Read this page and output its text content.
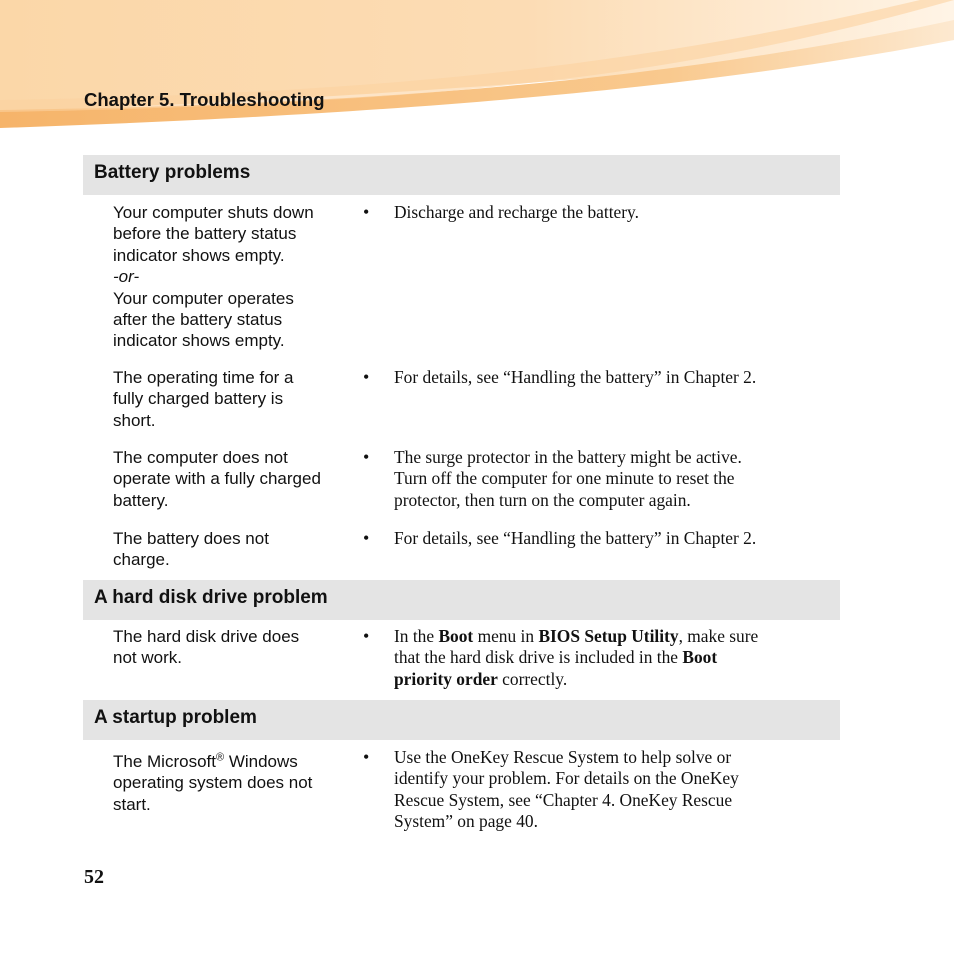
Chapter 5. Troubleshooting
Battery problems
Your computer shuts down
before the battery status
indicator shows empty.
-or-
Your computer operates
after the battery status
indicator shows empty.
• Discharge and recharge the battery.
The operating time for a
fully charged battery is
short.
• For details, see “Handling the battery” in Chapter 2.
The computer does not
operate with a fully charged
battery.
• The surge protector in the battery might be active.
Turn off the computer for one minute to reset the
protector, then turn on the computer again.
The battery does not
charge.
• For details, see “Handling the battery” in Chapter 2.
A hard disk drive problem
The hard disk drive does
not work.
• In the Boot menu in BIOS Setup Utility, make sure
that the hard disk drive is included in the Boot
priority order correctly.
A startup problem
The Microsoft® Windows
operating system does not
start.
• Use the OneKey Rescue System to help solve or
identify your problem. For details on the OneKey
Rescue System, see “Chapter 4. OneKey Rescue
System” on page 40.
52
